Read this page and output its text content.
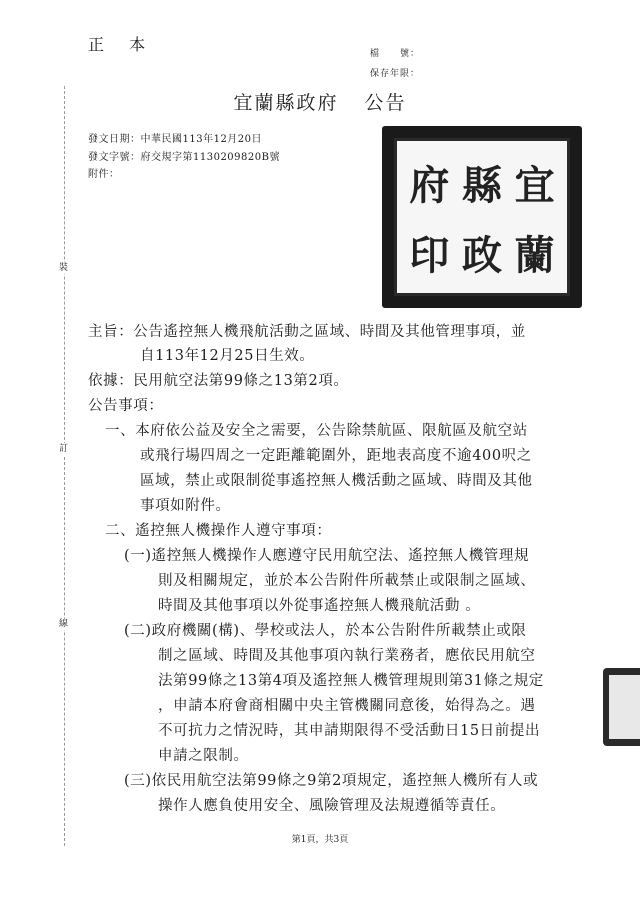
正 本	檔　　號：
保存年限：
宜蘭縣政府 公告
裝
訂
線
發文日期：中華民國113年12月20日
發文字號：府交規字第1130209820B號
附件：	宜
縣
府
蘭
政
印
主旨：公告遙控無人機飛航活動之區域、時間及其他管理事項，並
自113年12月25日生效。
依據：民用航空法第99條之13第2項。
公告事項：
一、本府依公益及安全之需要，公告除禁航區、限航區及航空站
或飛行場四周之一定距離範圍外，距地表高度不逾400呎之
區域，禁止或限制從事遙控無人機活動之區域、時間及其他
事項如附件。
二、遙控無人機操作人遵守事項：
(一)遙控無人機操作人應遵守民用航空法、遙控無人機管理規
則及相關規定，並於本公告附件所載禁止或限制之區域、
時間及其他事項以外從事遙控無人機飛航活動 。
(二)政府機關(構)、學校或法人，於本公告附件所載禁止或限
制之區域、時間及其他事項內執行業務者，應依民用航空
法第99條之13第4項及遙控無人機管理規則第31條之規定
，申請本府會商相關中央主管機關同意後，始得為之。遇
不可抗力之情況時，其申請期限得不受活動日15日前提出
申請之限制。
(三)依民用航空法第99條之9第2項規定，遙控無人機所有人或
操作人應負使用安全、風險管理及法規遵循等責任。
第1頁，共3頁
